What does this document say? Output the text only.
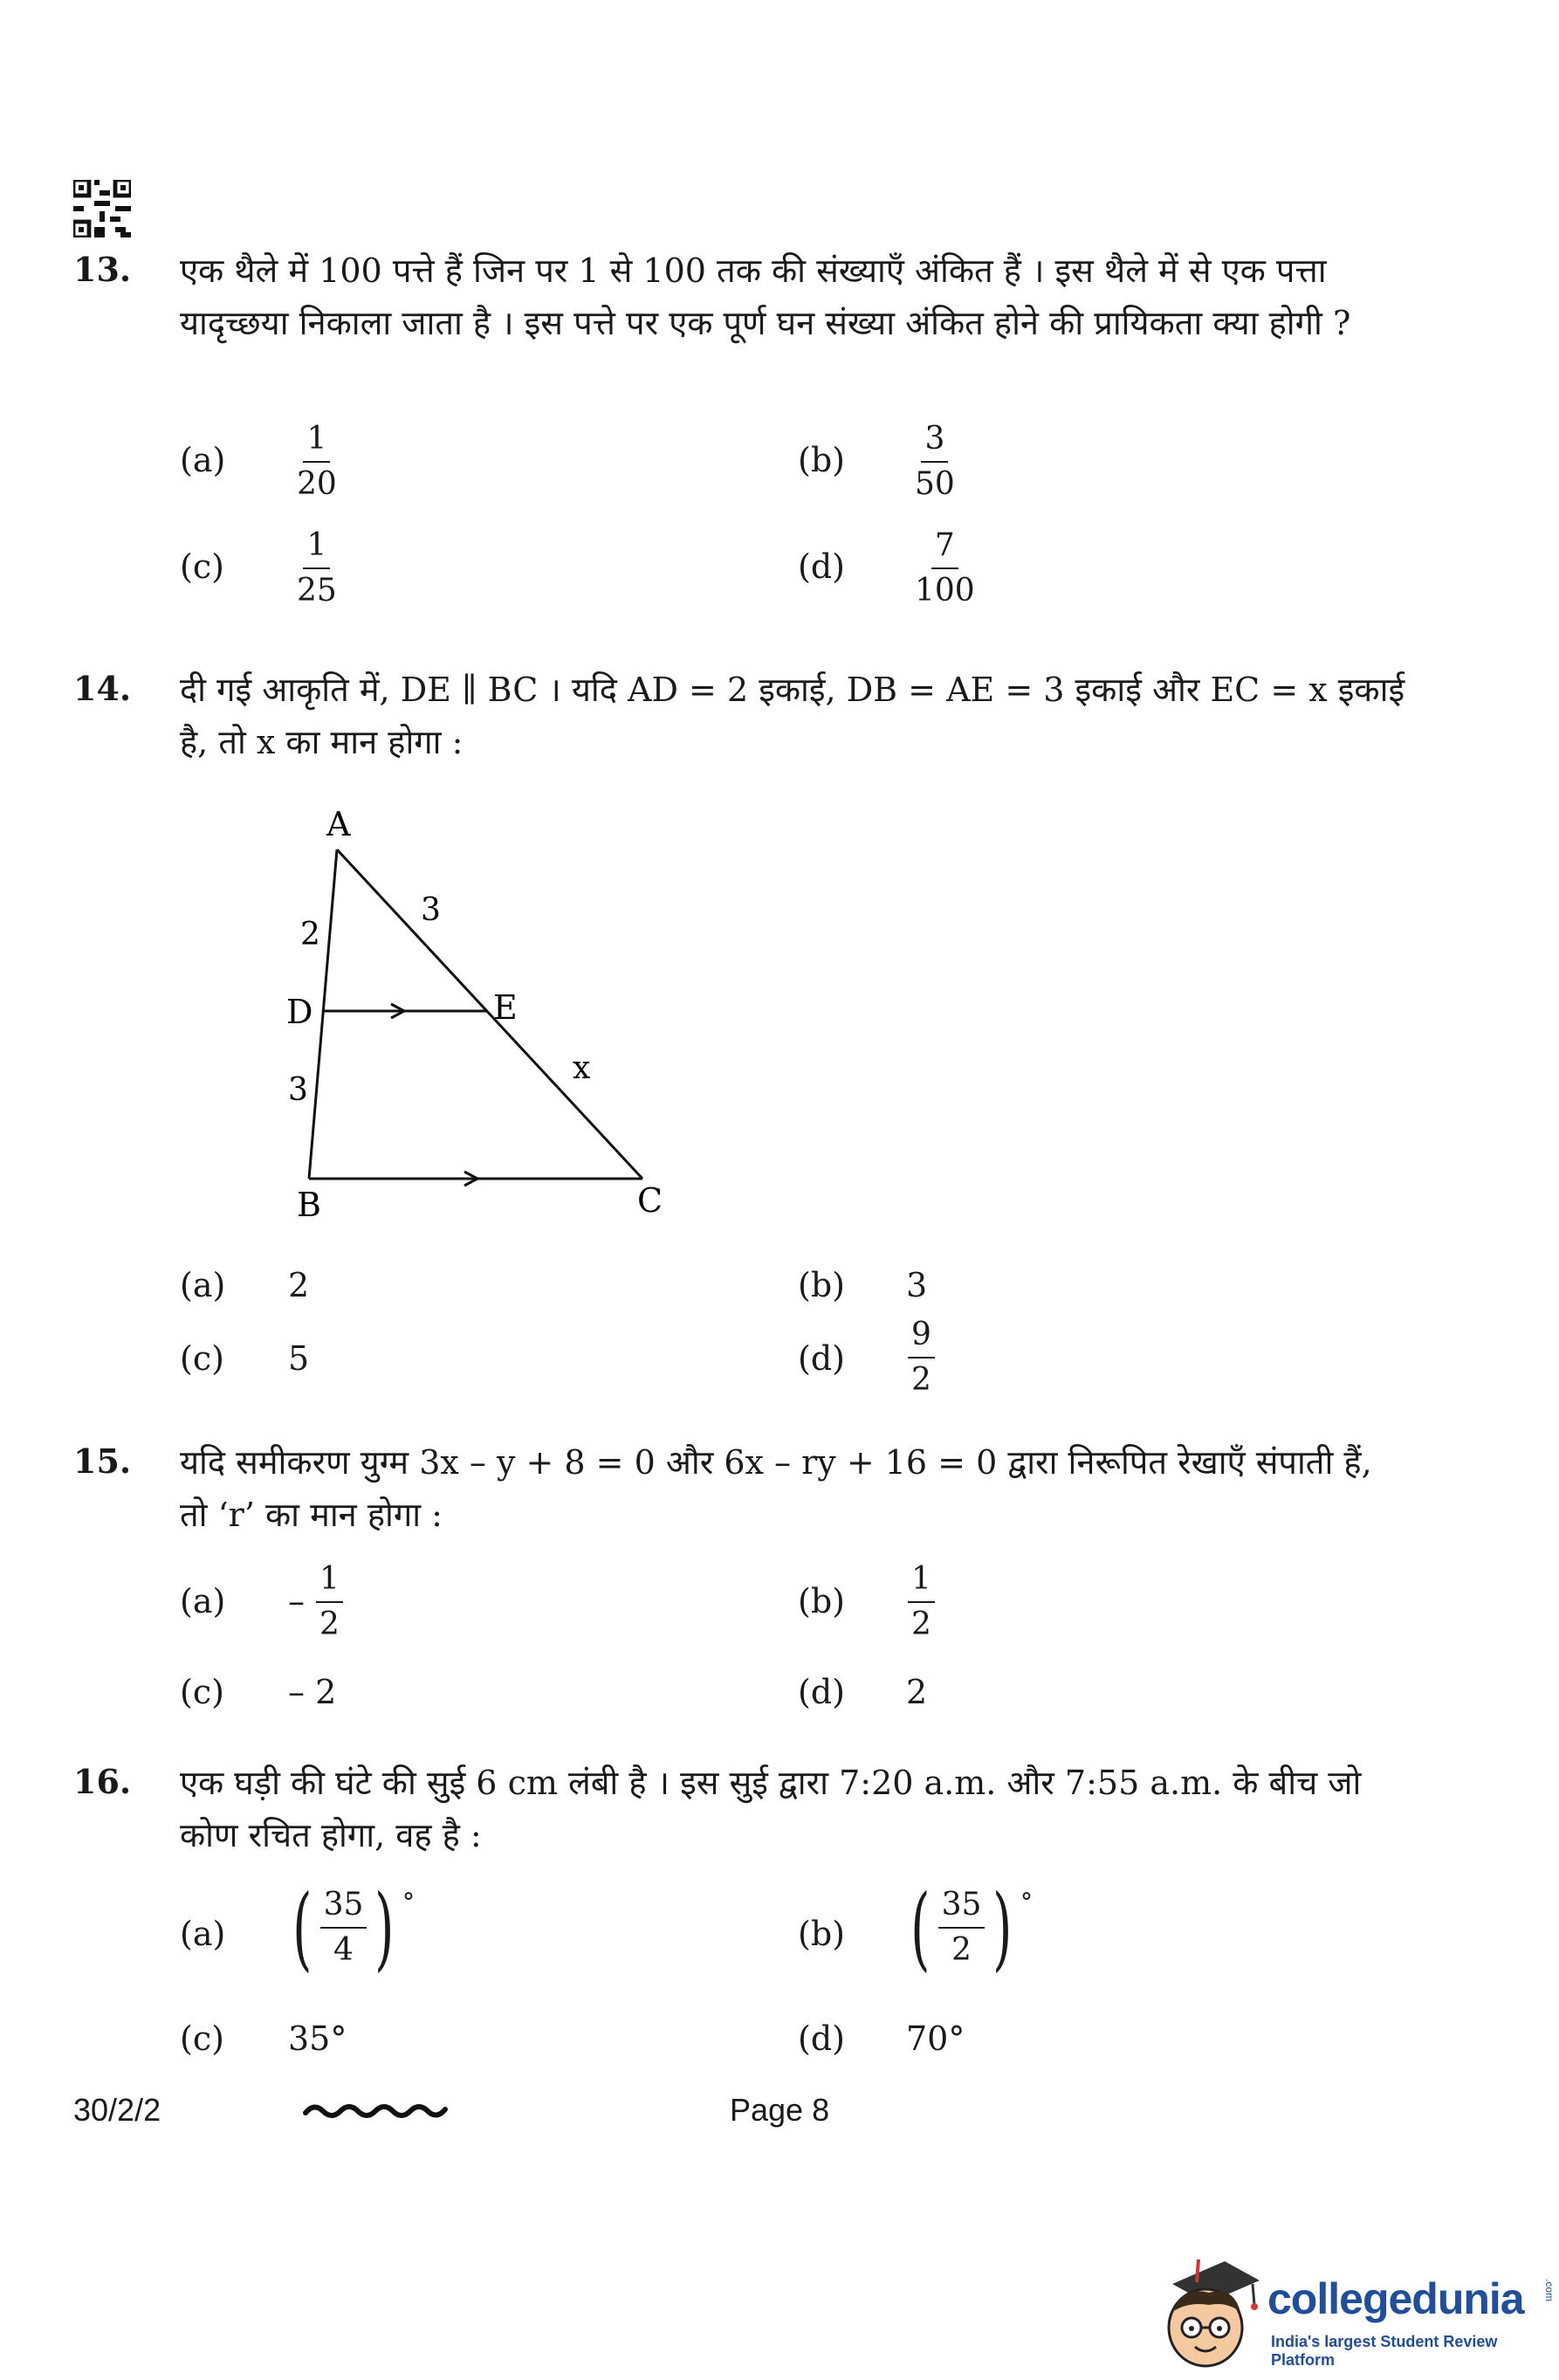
13. एक थैले में 100 पत्ते हैं जिन पर 1 से 100 तक की संख्याएँ अंकित हैं । इस थैले में से एक पत्ता यादृच्छया निकाला जाता है । इस पत्ते पर एक पूर्ण घन संख्या अंकित होने की प्रायिकता क्या होगी ?
$(a) \frac{1}{20}$	$(b) \frac{3}{50}$
$(c) \frac{1}{25}$	$(d) \frac{7}{100}$
14. दी गई आकृति में, DE ∥ BC । यदि AD = 2 इकाई, DB = AE = 3 इकाई और EC = x इकाई है, तो x का मान होगा :
A
B	C
D	E
2
3
3
x
(a) 2	(b) 3
(c) 5	$(d) \frac{9}{2}$
15. यदि समीकरण युग्म 3x – y + 8 = 0 और 6x – ry + 16 = 0 द्वारा निरूपित रेखाएँ संपाती हैं, तो ‘r’ का मान होगा :
$(a) - \frac{1}{2}$	$(b) \frac{1}{2}$
(c) – 2	(d) 2
16. एक घड़ी की घंटे की सुई 6 cm लंबी है । इस सुई द्वारा 7:20 a.m. और 7:55 a.m. के बीच जो कोण रचित होगा, वह है :
(a) ( $\frac{35}{4}$ ) °
(b) ( $\frac{35}{2}$ ) °
(c) 35°	(d) 70°
30/2/2	Page 8
collegedunia .com
India's largest Student Review Platform
